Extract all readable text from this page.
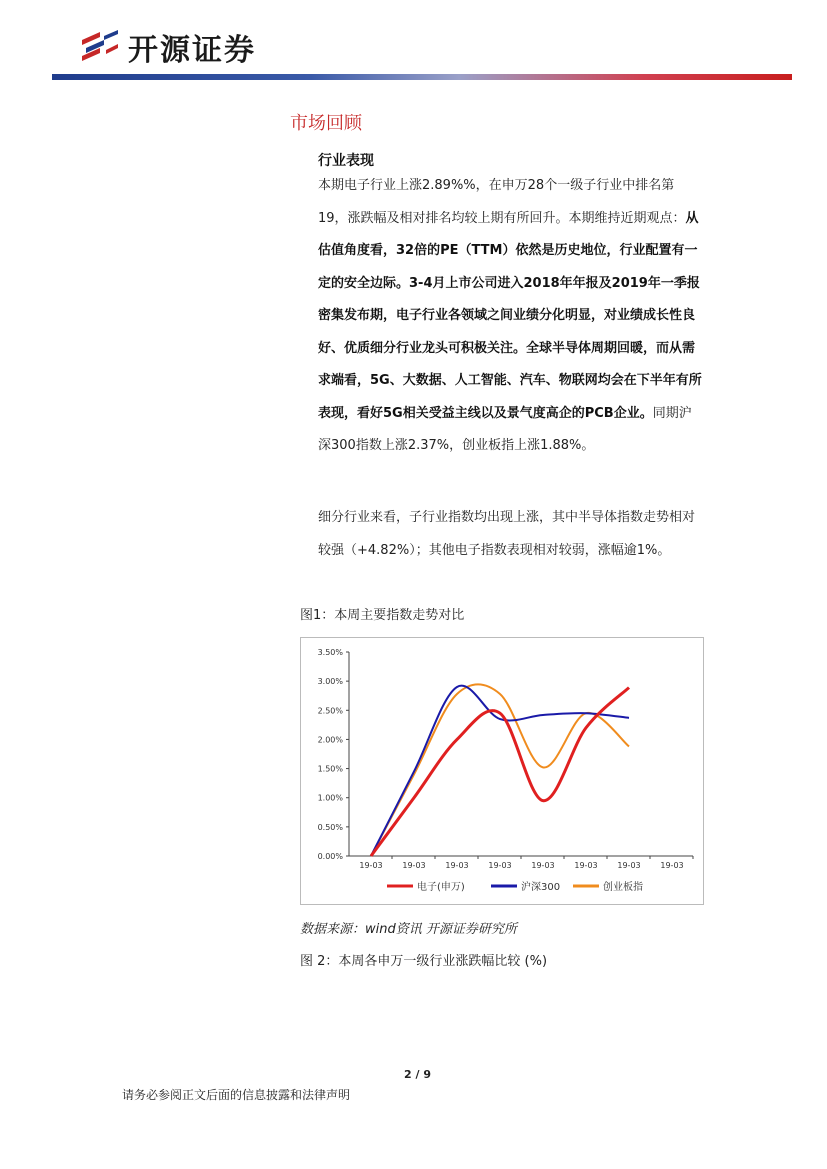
开源证券
市场回顾
行业表现
本期电子行业上涨2.89%%，在申万28个一级子行业中排名第19，涨跌幅及相对排名均较上期有所回升。本期维持近期观点：从估值角度看，32倍的PE（TTM）依然是历史地位，行业配置有一定的安全边际。3-4月上市公司进入2018年年报及2019年一季报密集发布期，电子行业各领域之间业绩分化明显，对业绩成长性良好、优质细分行业龙头可积极关注。全球半导体周期回暖，而从需求端看，5G、大数据、人工智能、汽车、物联网均会在下半年有所表现，看好5G相关受益主线以及景气度高企的PCB企业。同期沪深300指数上涨2.37%，创业板指上涨1.88%。
细分行业来看，子行业指数均出现上涨，其中半导体指数走势相对较强（+4.82%）；其他电子指数表现相对较弱，涨幅逾1%。
图1：本周主要指数走势对比
0.00%
0.50%
1.00%
1.50%
2.00%
2.50%
3.00%
3.50%
19-03 19-03 19-03 19-03 19-03 19-03 19-03 19-03
电子(申万)	沪深300	创业板指
数据来源：wind资讯 开源证券研究所
图 2：本周各申万一级行业涨跌幅比较 (%)
2 / 9
请务必参阅正文后面的信息披露和法律声明
